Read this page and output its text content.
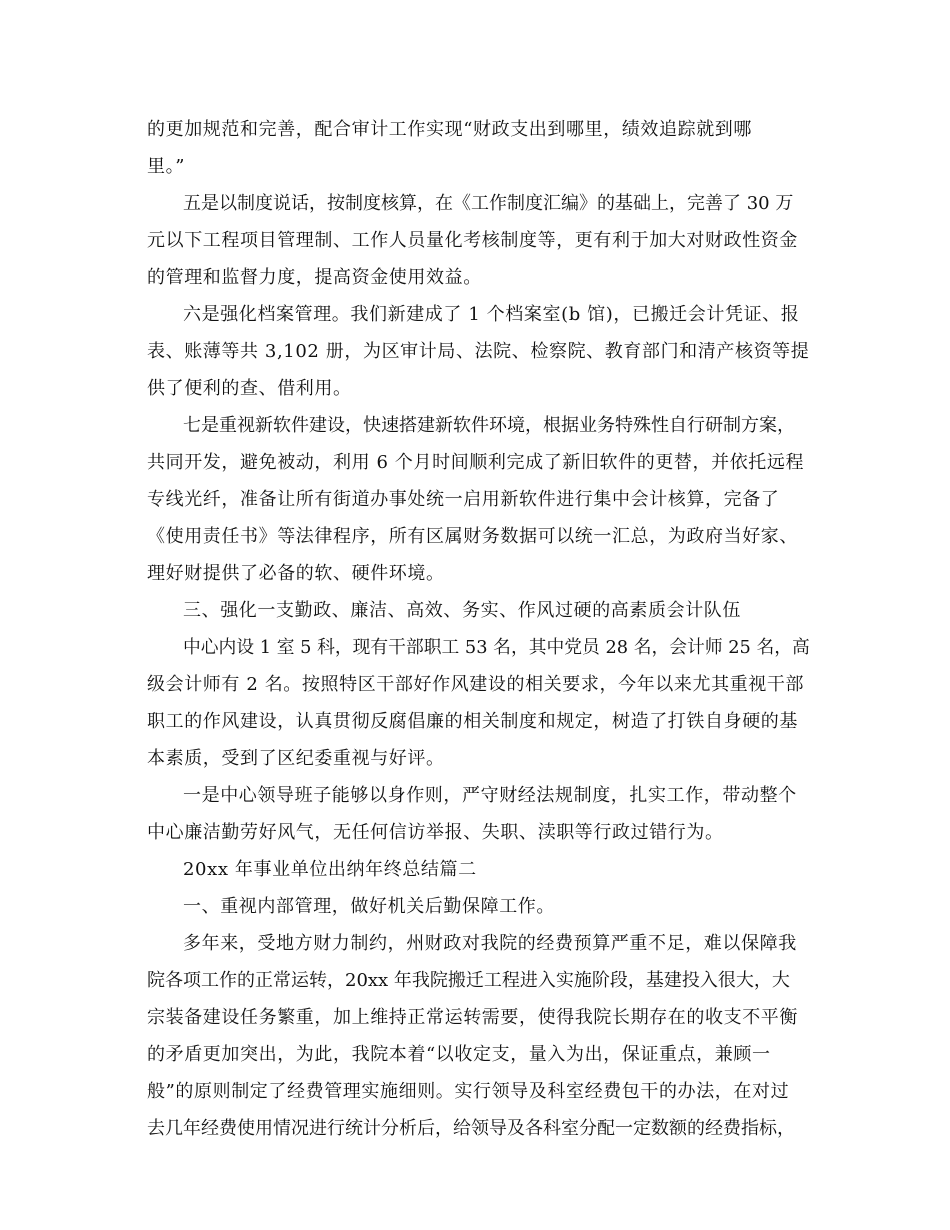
的更加规范和完善，配合审计工作实现“财政支出到哪里，绩效追踪就到哪
里。”
五是以制度说话，按制度核算，在《工作制度汇编》的基础上，完善了 30 万
元以下工程项目管理制、工作人员量化考核制度等，更有利于加大对财政性资金
的管理和监督力度，提高资金使用效益。
六是强化档案管理。我们新建成了 1 个档案室(b 馆)，已搬迁会计凭证、报
表、账薄等共 3,102 册，为区审计局、法院、检察院、教育部门和清产核资等提
供了便利的查、借利用。
七是重视新软件建设，快速搭建新软件环境，根据业务特殊性自行研制方案，
共同开发，避免被动，利用 6 个月时间顺利完成了新旧软件的更替，并依托远程
专线光纤，准备让所有街道办事处统一启用新软件进行集中会计核算，完备了
《使用责任书》等法律程序，所有区属财务数据可以统一汇总，为政府当好家、
理好财提供了必备的软、硬件环境。
三、强化一支勤政、廉洁、高效、务实、作风过硬的高素质会计队伍
中心内设 1 室 5 科，现有干部职工 53 名，其中党员 28 名，会计师 25 名，高
级会计师有 2 名。按照特区干部好作风建设的相关要求，今年以来尤其重视干部
职工的作风建设，认真贯彻反腐倡廉的相关制度和规定，树造了打铁自身硬的基
本素质，受到了区纪委重视与好评。
一是中心领导班子能够以身作则，严守财经法规制度，扎实工作，带动整个
中心廉洁勤劳好风气，无任何信访举报、失职、渎职等行政过错行为。
20xx 年事业单位出纳年终总结篇二
一、重视内部管理，做好机关后勤保障工作。
多年来，受地方财力制约，州财政对我院的经费预算严重不足，难以保障我
院各项工作的正常运转，20xx 年我院搬迁工程进入实施阶段，基建投入很大，大
宗装备建设任务繁重，加上维持正常运转需要，使得我院长期存在的收支不平衡
的矛盾更加突出，为此，我院本着“以收定支，量入为出，保证重点，兼顾一
般”的原则制定了经费管理实施细则。实行领导及科室经费包干的办法，在对过
去几年经费使用情况进行统计分析后，给领导及各科室分配一定数额的经费指标，
